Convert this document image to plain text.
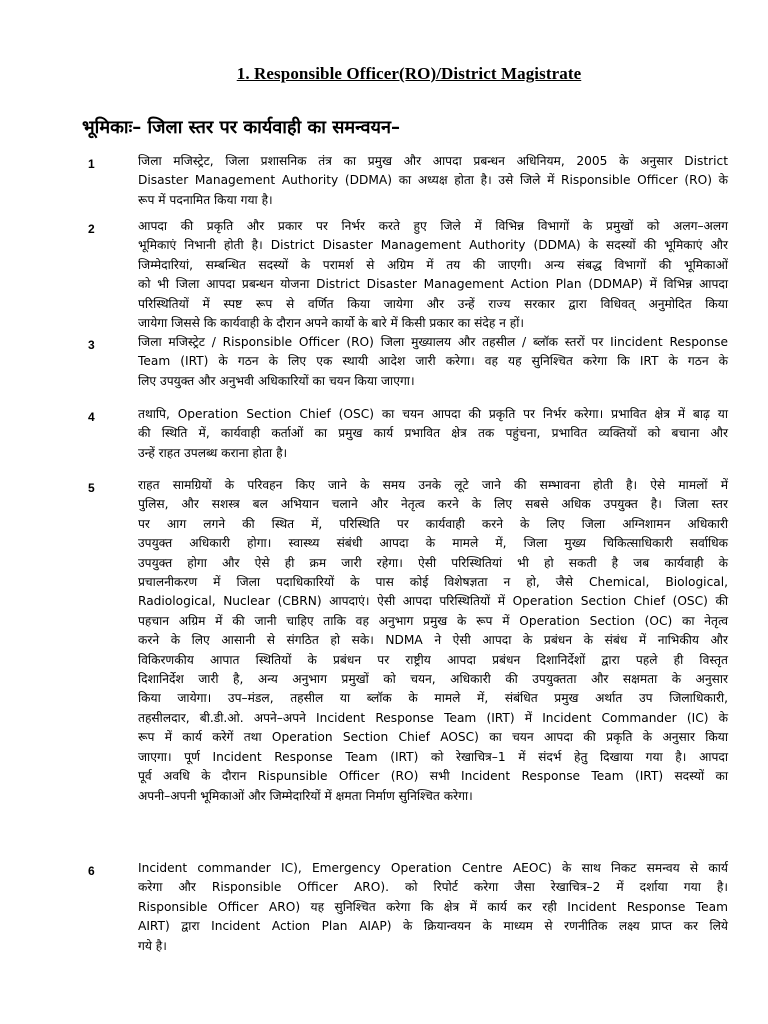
1. Responsible Officer(RO)/District Magistrate
भूमिकाः– जिला स्तर पर कार्यवाही का समन्वयन–
1	जिला मजिस्ट्रेट, जिला प्रशासनिक तंत्र का प्रमुख और आपदा प्रबन्धन अधिनियम, 2005 के अनुसार District
Disaster Management Authority (DDMA) का अध्यक्ष होता है। उसे जिले में Risponsible Officer (RO) के
रूप में पदनामित किया गया है।
2	आपदा की प्रकृति और प्रकार पर निर्भर करते हुए जिले में विभिन्न विभागों के प्रमुखों को अलग–अलग
भूमिकाएं निभानी होती है। District Disaster Management Authority (DDMA) के सदस्यों की भूमिकाएं और
जिम्मेदारियां, सम्बन्धित सदस्यों के परामर्श से अग्रिम में तय की जाएगी। अन्य संबद्ध विभागों की भूमिकाओं
को भी जिला आपदा प्रबन्धन योजना District Disaster Management Action Plan (DDMAP) में विभिन्न आपदा
परिस्थितियों में स्पष्ट रूप से वर्णित किया जायेगा और उन्हें राज्य सरकार द्वारा विधिवत् अनुमोदित किया
जायेगा जिससे कि कार्यवाही के दौरान अपने कार्यो के बारे में किसी प्रकार का संदेह न हों।
3	जिला मजिस्ट्रेट / Risponsible Officer (RO) जिला मुख्यालय और तहसील / ब्लॉक स्तरों पर Iincident Response
Team (IRT) के गठन के लिए एक स्थायी आदेश जारी करेगा। वह यह सुनिश्चित करेगा कि IRT के गठन के
लिए उपयुक्त और अनुभवी अधिकारियों का चयन किया जाएगा।
4	तथापि, Operation Section Chief (OSC) का चयन आपदा की प्रकृति पर निर्भर करेगा। प्रभावित क्षेत्र में बाढ़ या
की स्थिति में, कार्यवाही कर्ताओं का प्रमुख कार्य प्रभावित क्षेत्र तक पहुंचना, प्रभावित व्यक्तियों को बचाना और
उन्हें राहत उपलब्ध कराना होता है।
5	राहत सामग्रियों के परिवहन किए जाने के समय उनके लूटे जाने की सम्भावना होती है। ऐसे मामलों में
पुलिस, और सशस्त्र बल अभियान चलाने और नेतृत्व करने के लिए सबसे अधिक उपयुक्त है। जिला स्तर
पर आग लगने की स्थित में, परिस्थिति पर कार्यवाही करने के लिए जिला अग्निशामन अधिकारी
उपयुक्त अधिकारी होगा। स्वास्थ्य संबंधी आपदा के मामले में, जिला मुख्य चिकित्साधिकारी सर्वाधिक
उपयुक्त होगा और ऐसे ही क्रम जारी रहेगा। ऐसी परिस्थितियां भी हो सकती है जब कार्यवाही के
प्रचालनीकरण में जिला पदाधिकारियों के पास कोई विशेषज्ञता न हो, जैसे Chemical, Biological,
Radiological, Nuclear (CBRN) आपदाएं। ऐसी आपदा परिस्थितियों में Operation Section Chief (OSC) की
पहचान अग्रिम में की जानी चाहिए ताकि वह अनुभाग प्रमुख के रूप में Operation Section (OC) का नेतृत्व
करने के लिए आसानी से संगठित हो सके। NDMA ने ऐसी आपदा के प्रबंधन के संबंध में नाभिकीय और
विकिरणकीय आपात स्थितियों के प्रबंधन पर राष्ट्रीय आपदा प्रबंधन दिशानिर्देशों द्वारा पहले ही विस्तृत
दिशानिर्देश जारी है, अन्य अनुभाग प्रमुखों को चयन, अधिकारी की उपयुक्तता और सक्षमता के अनुसार
किया जायेगा। उप–मंडल, तहसील या ब्लॉक के मामले में, संबंधित प्रमुख अर्थात उप जिलाधिकारी,
तहसीलदार, बी.डी.ओ. अपने–अपने Incident Response Team (IRT) में Incident Commander (IC) के
रूप में कार्य करेगें तथा Operation Section Chief AOSC) का चयन आपदा की प्रकृति के अनुसार किया
जाएगा। पूर्ण Incident Response Team (IRT) को रेखाचित्र–1 में संदर्भ हेतु दिखाया गया है। आपदा
पूर्व अवधि के दौरान Rispunsible Officer (RO) सभी Incident Response Team (IRT) सदस्यों का
अपनी–अपनी भूमिकाओं और जिम्मेदारियों में क्षमता निर्माण सुनिश्चित करेगा।
6	Incident commander IC), Emergency Operation Centre AEOC) के साथ निकट समन्वय से कार्य
करेगा और Risponsible Officer ARO). को रिपोर्ट करेगा जैसा रेखाचित्र–2 में दर्शाया गया है।
Risponsible Officer ARO) यह सुनिश्चित करेगा कि क्षेत्र में कार्य कर रही Incident Response Team
AIRT) द्वारा Incident Action Plan AIAP) के क्रियान्वयन के माध्यम से रणनीतिक लक्ष्य प्राप्त कर लिये
गये है।
